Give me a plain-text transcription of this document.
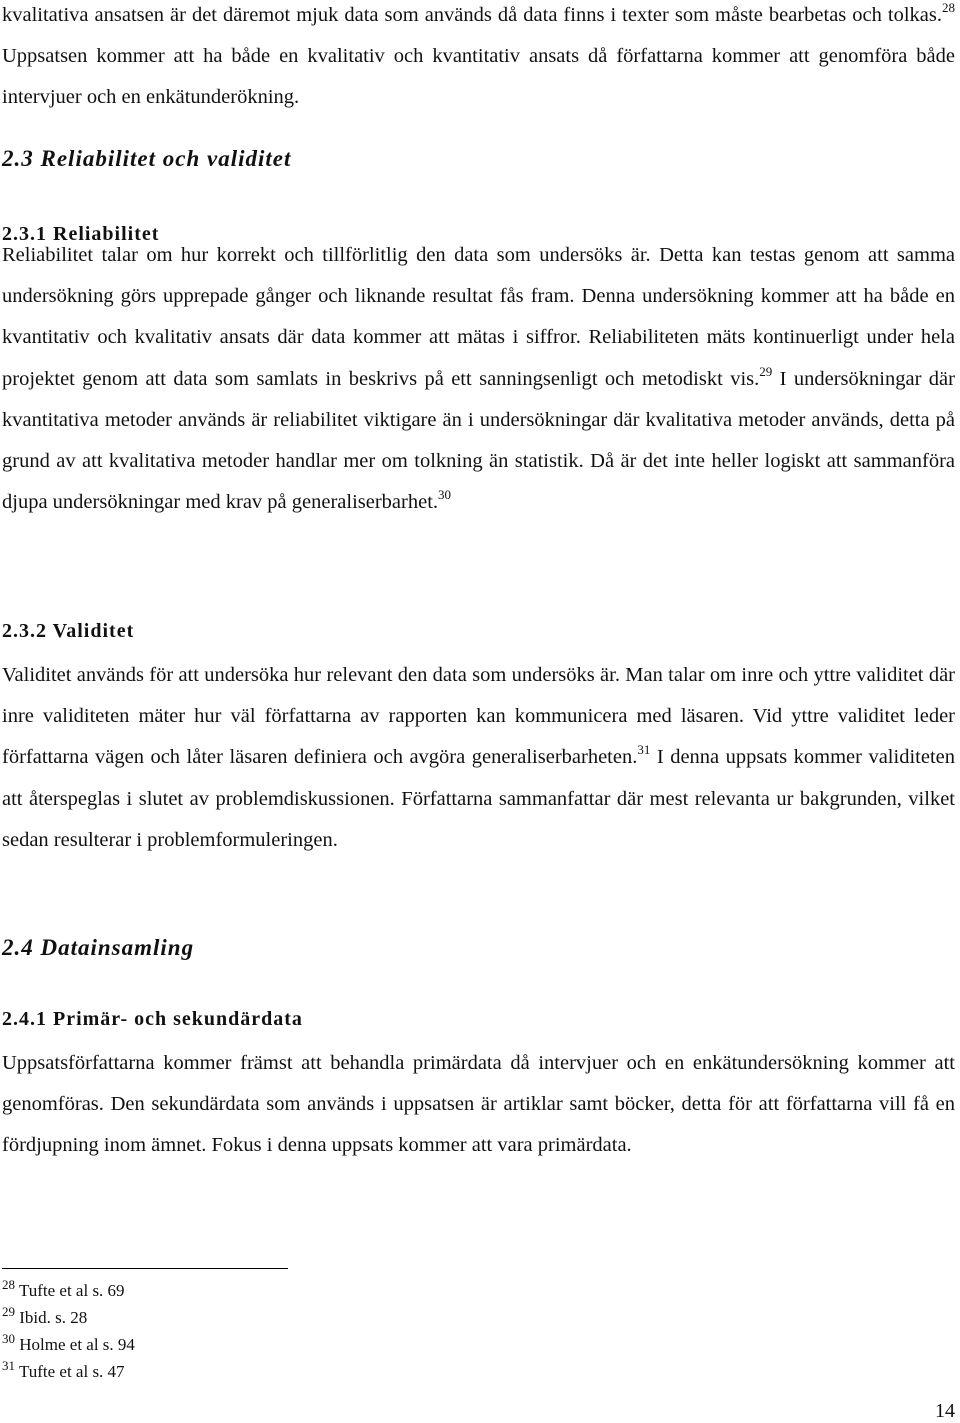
kvalitativa ansatsen är det däremot mjuk data som används då data finns i texter som måste bearbetas och tolkas.$^{28}$ Uppsatsen kommer att ha både en kvalitativ och kvantitativ ansats då författarna kommer att genomföra både intervjuer och en enkätunderökning.

2.3 Reliabilitet och validitet
2.3.1 Reliabilitet

Reliabilitet talar om hur korrekt och tillförlitlig den data som undersöks är. Detta kan testas genom att samma undersökning görs upprepade gånger och liknande resultat fås fram. Denna undersökning kommer att ha både en kvantitativ och kvalitativ ansats där data kommer att mätas i siffror. Reliabiliteten mäts kontinuerligt under hela projektet genom att data som samlats in beskrivs på ett sanningsenligt och metodiskt vis.$^{29}$ I undersökningar där kvantitativa metoder används är reliabilitet viktigare än i undersökningar där kvalitativa metoder används, detta på grund av att kvalitativa metoder handlar mer om tolkning än statistik. Då är det inte heller logiskt att sammanföra djupa undersökningar med krav på generaliserbarhet.$^{30}$

2.3.2 Validitet

Validitet används för att undersöka hur relevant den data som undersöks är. Man talar om inre och yttre validitet där inre validiteten mäter hur väl författarna av rapporten kan kommunicera med läsaren. Vid yttre validitet leder författarna vägen och låter läsaren definiera och avgöra generaliserbarheten.$^{31}$ I denna uppsats kommer validiteten att återspeglas i slutet av problemdiskussionen. Författarna sammanfattar där mest relevanta ur bakgrunden, vilket sedan resulterar i problemformuleringen.

2.4 Datainsamling
2.4.1 Primär- och sekundärdata

Uppsatsförfattarna kommer främst att behandla primärdata då intervjuer och en enkätundersökning kommer att genomföras. Den sekundärdata som används i uppsatsen är artiklar samt böcker, detta för att författarna vill få en fördjupning inom ämnet. Fokus i denna uppsats kommer att vara primärdata.

$^{28}$ Tufte et al s. 69
$^{29}$ Ibid. s. 28
$^{30}$ Holme et al s. 94
$^{31}$ Tufte et al s. 47
14
